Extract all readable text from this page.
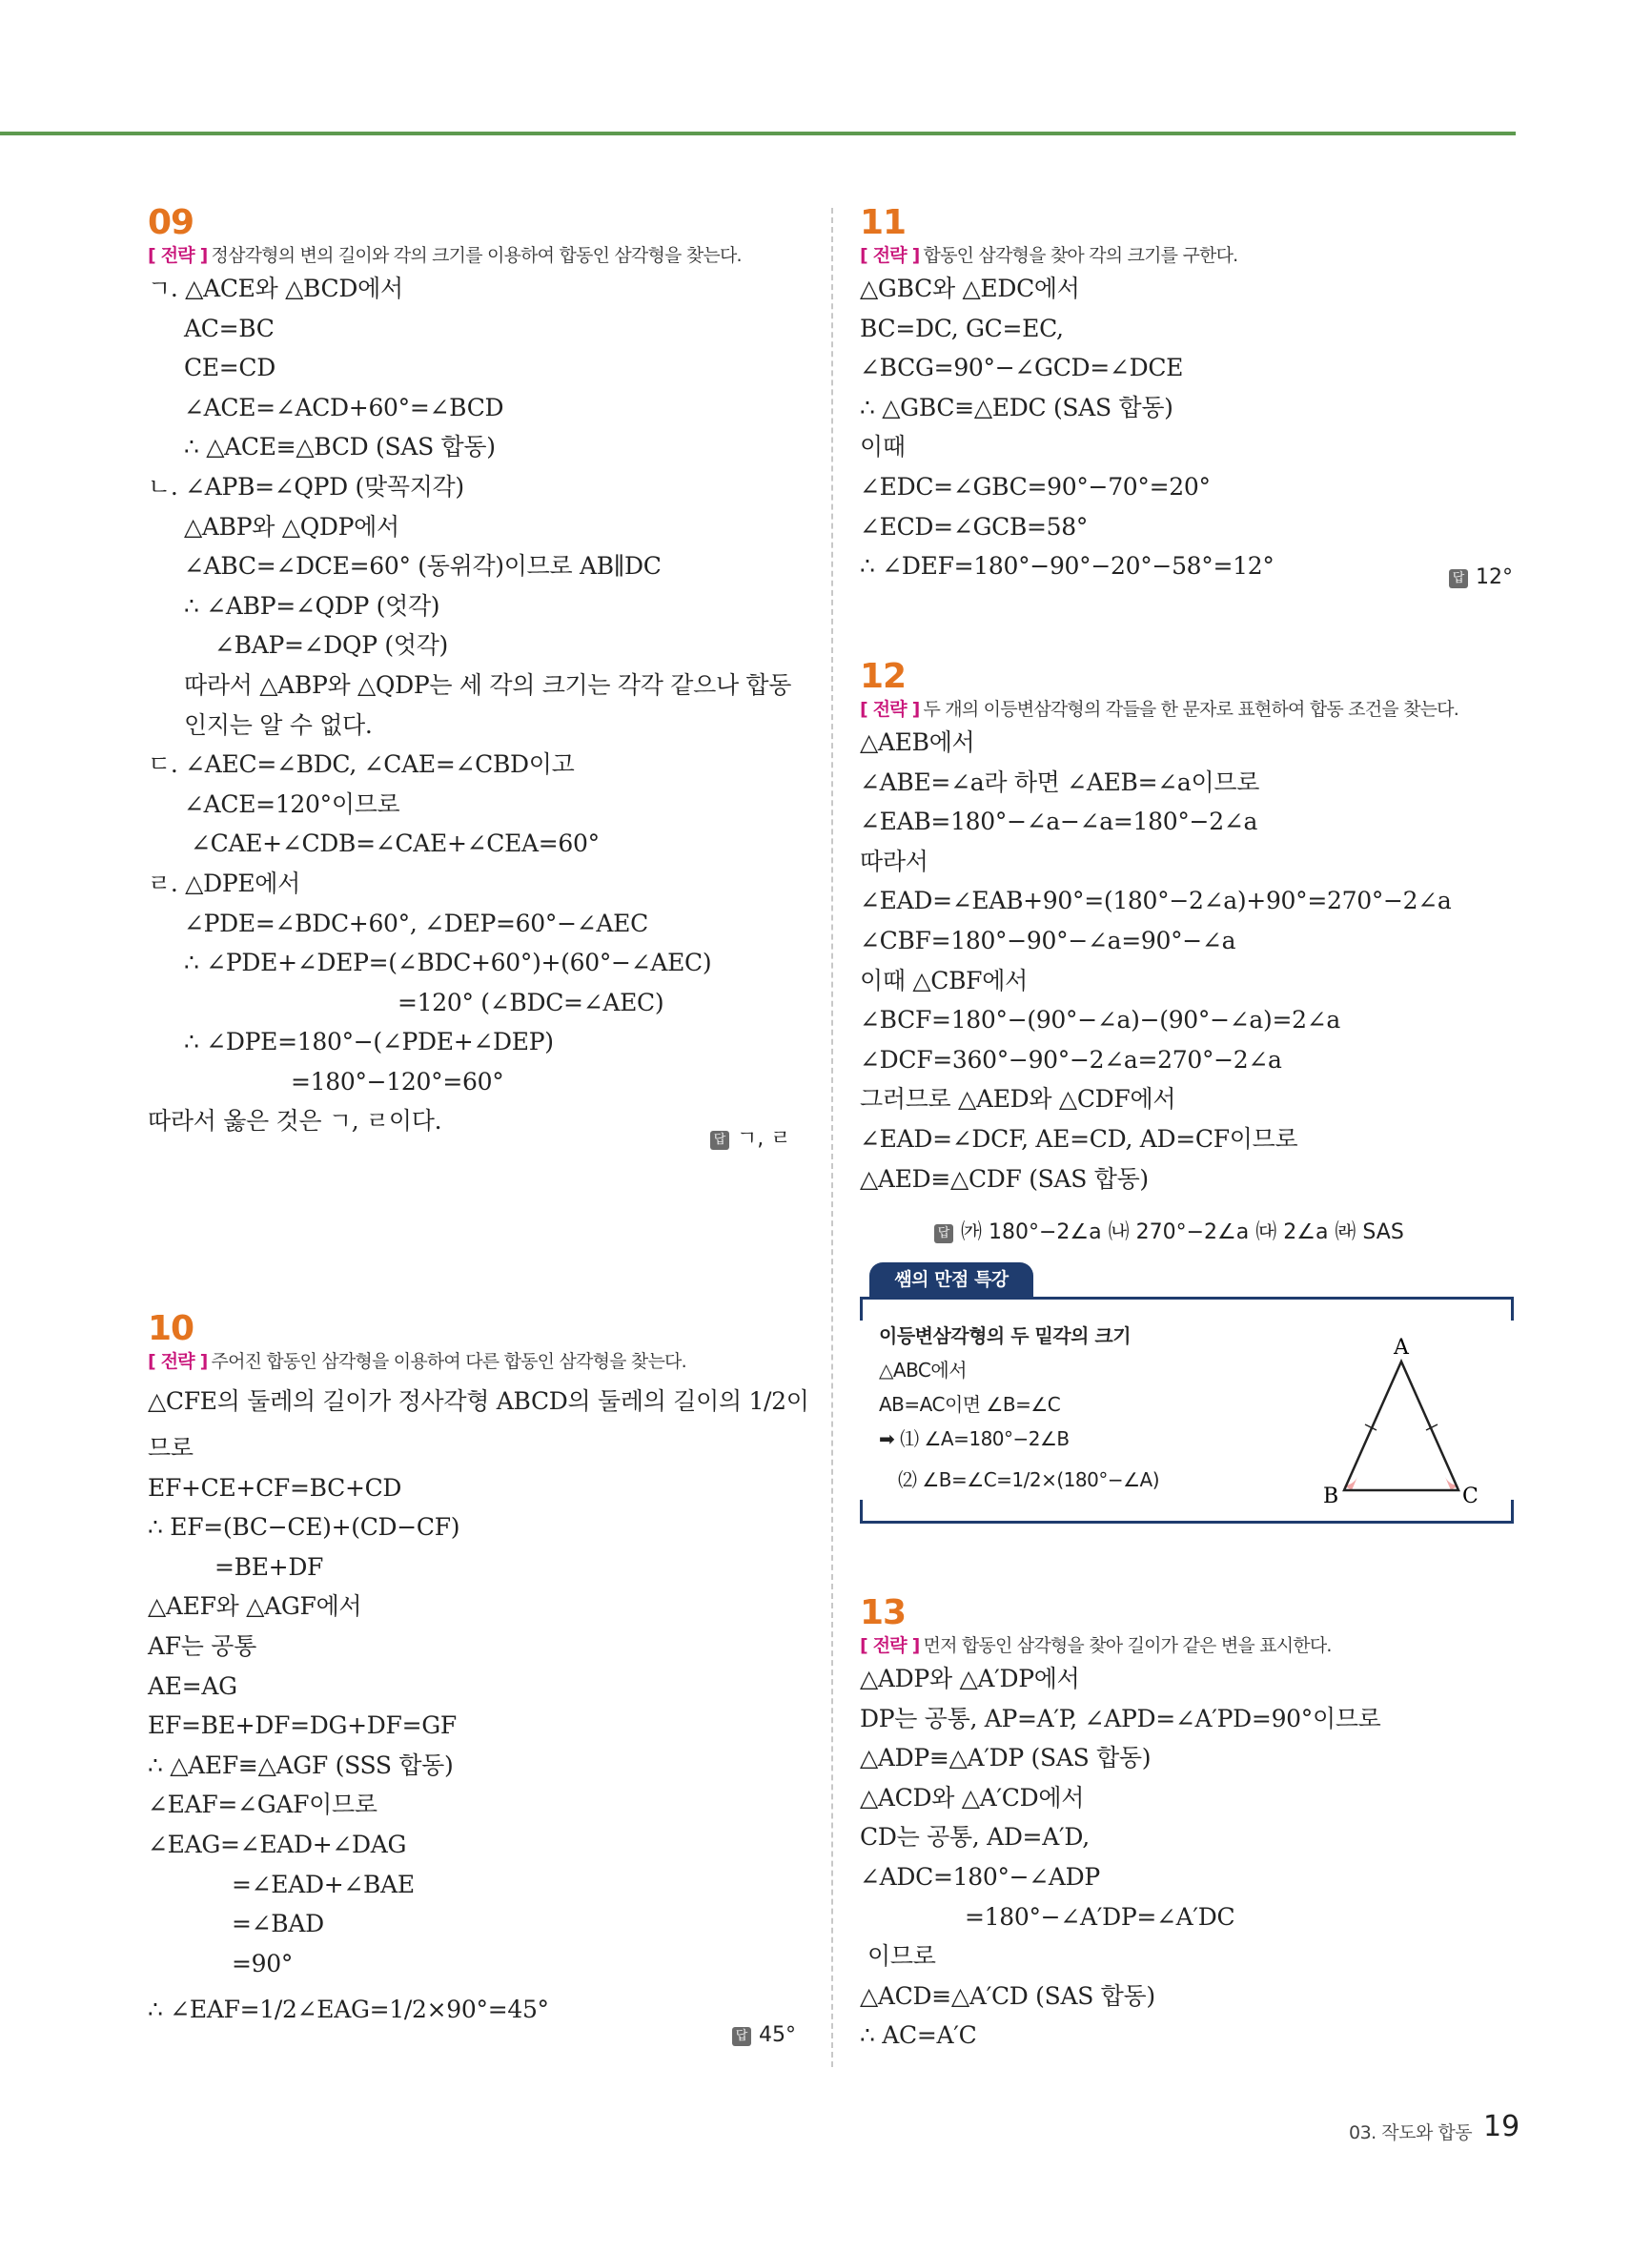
09
[ 전략 ] 정삼각형의 변의 길이와 각의 크기를 이용하여 합동인 삼각형을 찾는다.
ㄱ. △ACE와 △BCD에서
AC=BC
CE=CD
∠ACE=∠ACD+60°=∠BCD
∴ △ACE≡△BCD (SAS 합동)
ㄴ. ∠APB=∠QPD (맞꼭지각)
△ABP와 △QDP에서
∠ABC=∠DCE=60° (동위각)이므로 AB∥DC
∴ ∠ABP=∠QDP (엇각)
∠BAP=∠DQP (엇각)
따라서 △ABP와 △QDP는 세 각의 크기는 각각 같으나 합동
인지는 알 수 없다.
ㄷ. ∠AEC=∠BDC, ∠CAE=∠CBD이고
∠ACE=120°이므로
∠CAE+∠CDB=∠CAE+∠CEA=60°
ㄹ. △DPE에서
∠PDE=∠BDC+60°, ∠DEP=60°−∠AEC
∴ ∠PDE+∠DEP=(∠BDC+60°)+(60°−∠AEC)
=120° (∠BDC=∠AEC)
∴ ∠DPE=180°−(∠PDE+∠DEP)
=180°−120°=60°
따라서 옳은 것은 ㄱ, ㄹ이다.
답 ㄱ, ㄹ
10
[ 전략 ] 주어진 합동인 삼각형을 이용하여 다른 합동인 삼각형을 찾는다.
△CFE의 둘레의 길이가 정사각형 ABCD의 둘레의 길이의 1/2이
므로
EF+CE+CF=BC+CD
∴ EF=(BC−CE)+(CD−CF)
=BE+DF
△AEF와 △AGF에서
AF는 공통
AE=AG
EF=BE+DF=DG+DF=GF
∴ △AEF≡△AGF (SSS 합동)
∠EAF=∠GAF이므로
∠EAG=∠EAD+∠DAG
=∠EAD+∠BAE
=∠BAD
=90°
∴ ∠EAF=1/2∠EAG=1/2×90°=45°
답 45°
11
[ 전략 ] 합동인 삼각형을 찾아 각의 크기를 구한다.
△GBC와 △EDC에서
BC=DC, GC=EC,
∠BCG=90°−∠GCD=∠DCE
∴ △GBC≡△EDC (SAS 합동)
이때
∠EDC=∠GBC=90°−70°=20°
∠ECD=∠GCB=58°
∴ ∠DEF=180°−90°−20°−58°=12°	답 12°
12
[ 전략 ] 두 개의 이등변삼각형의 각들을 한 문자로 표현하여 합동 조건을 찾는다.
△AEB에서
∠ABE=∠a라 하면 ∠AEB=∠a이므로
∠EAB=180°−∠a−∠a=180°−2∠a
따라서
∠EAD=∠EAB+90°=(180°−2∠a)+90°=270°−2∠a
∠CBF=180°−90°−∠a=90°−∠a
이때 △CBF에서
∠BCF=180°−(90°−∠a)−(90°−∠a)=2∠a
∠DCF=360°−90°−2∠a=270°−2∠a
그러므로 △AED와 △CDF에서
∠EAD=∠DCF, AE=CD, AD=CF이므로
△AED≡△CDF (SAS 합동)
답 ㈎ 180°−2∠a ㈏ 270°−2∠a ㈐ 2∠a ㈑ SAS
쌤의 만점 특강
이등변삼각형의 두 밑각의 크기
△ABC에서
AB=AC이면 ∠B=∠C
➡ ⑴ ∠A=180°−2∠B
⑵ ∠B=∠C=1/2×(180°−∠A)
A
B	C
13
[ 전략 ] 먼저 합동인 삼각형을 찾아 길이가 같은 변을 표시한다.
△ADP와 △A′DP에서
DP는 공통, AP=A′P, ∠APD=∠A′PD=90°이므로
△ADP≡△A′DP (SAS 합동)
△ACD와 △A′CD에서
CD는 공통, AD=A′D,
∠ADC=180°−∠ADP
=180°−∠A′DP=∠A′DC
이므로
△ACD≡△A′CD (SAS 합동)
∴ AC=A′C
03. 작도와 합동 19
